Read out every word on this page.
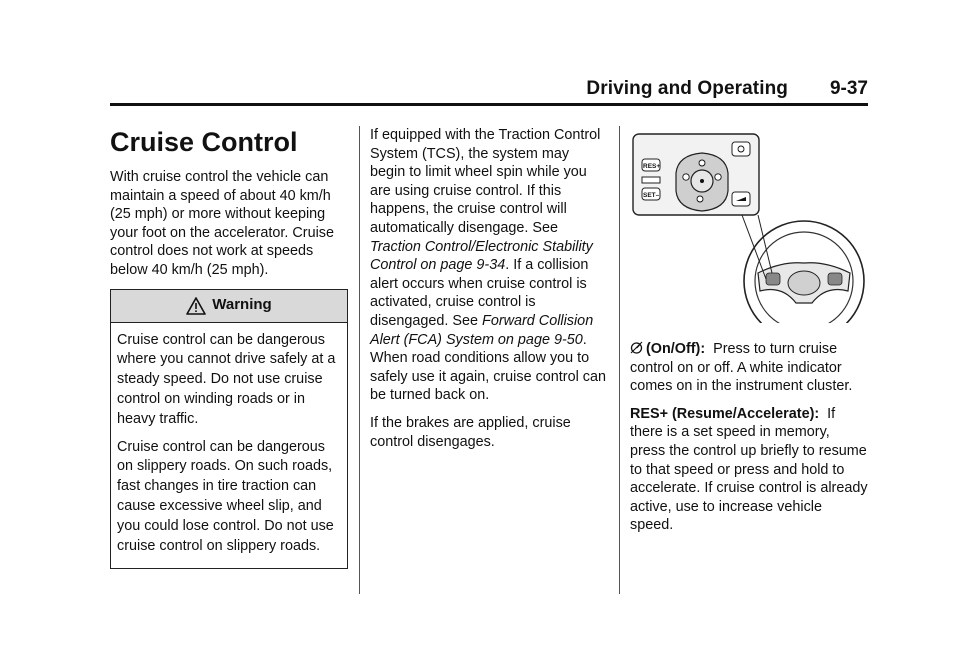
Driving and Operating 9-37
Cruise Control

With cruise control the vehicle can maintain a speed of about 40 km/h (25 mph) or more without keeping your foot on the accelerator. Cruise control does not work at speeds below 40 km/h (25 mph).

Warning

Cruise control can be dangerous where you cannot drive safely at a steady speed. Do not use cruise control on winding roads or in heavy traffic.

Cruise control can be dangerous on slippery roads. On such roads, fast changes in tire traction can cause excessive wheel slip, and you could lose control. Do not use cruise control on slippery roads.

If equipped with the Traction Control System (TCS), the system may begin to limit wheel spin while you are using cruise control. If this happens, the cruise control will automatically disengage. See Traction Control/Electronic Stability Control on page 9-34. If a collision alert occurs when cruise control is activated, cruise control is disengaged. See Forward Collision Alert (FCA) System on page 9-50. When road conditions allow you to safely use it again, cruise control can be turned back on.

If the brakes are applied, cruise control disengages.

RES+
SET–

(On/Off): Press to turn cruise control on or off. A white indicator comes on in the instrument cluster.

RES+ (Resume/Accelerate): If there is a set speed in memory, press the control up briefly to resume to that speed or press and hold to accelerate. If cruise control is already active, use to increase vehicle speed.
